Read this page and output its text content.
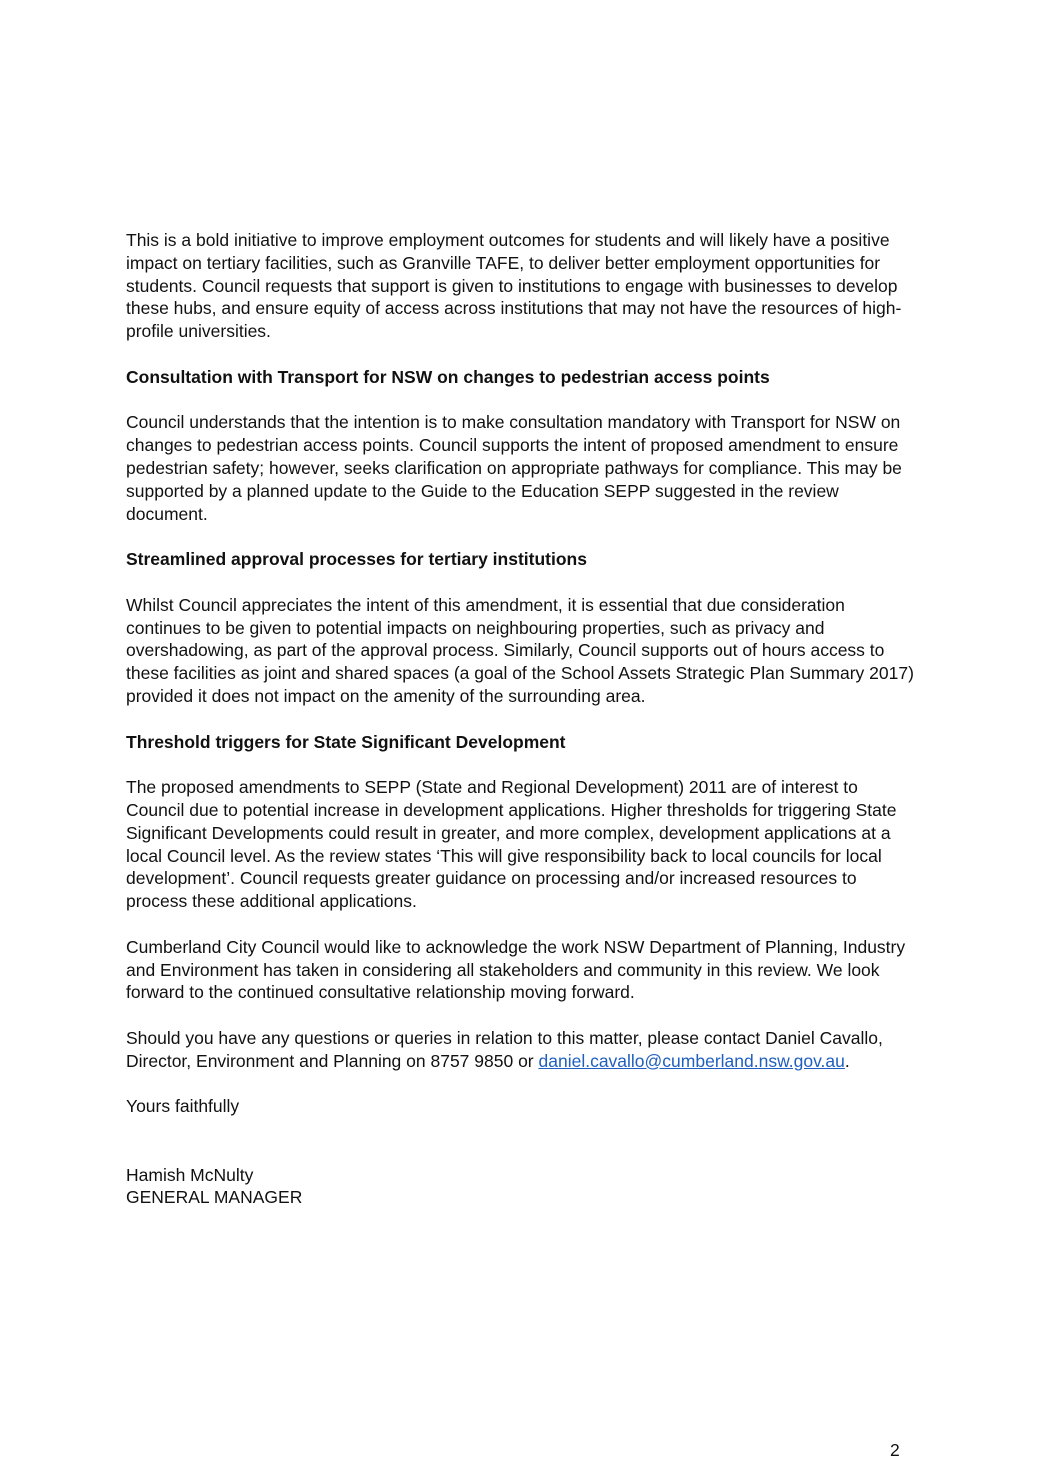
This is a bold initiative to improve employment outcomes for students and will likely have a positive impact on tertiary facilities, such as Granville TAFE, to deliver better employment opportunities for students. Council requests that support is given to institutions to engage with businesses to develop these hubs, and ensure equity of access across institutions that may not have the resources of high-profile universities.

Consultation with Transport for NSW on changes to pedestrian access points

Council understands that the intention is to make consultation mandatory with Transport for NSW on changes to pedestrian access points. Council supports the intent of proposed amendment to ensure pedestrian safety; however, seeks clarification on appropriate pathways for compliance. This may be supported by a planned update to the Guide to the Education SEPP suggested in the review document.

Streamlined approval processes for tertiary institutions

Whilst Council appreciates the intent of this amendment, it is essential that due consideration continues to be given to potential impacts on neighbouring properties, such as privacy and overshadowing, as part of the approval process. Similarly, Council supports out of hours access to these facilities as joint and shared spaces (a goal of the School Assets Strategic Plan Summary 2017) provided it does not impact on the amenity of the surrounding area.

Threshold triggers for State Significant Development

The proposed amendments to SEPP (State and Regional Development) 2011 are of interest to Council due to potential increase in development applications. Higher thresholds for triggering State Significant Developments could result in greater, and more complex, development applications at a local Council level. As the review states ‘This will give responsibility back to local councils for local development’. Council requests greater guidance on processing and/or increased resources to process these additional applications.

Cumberland City Council would like to acknowledge the work NSW Department of Planning, Industry and Environment has taken in considering all stakeholders and community in this review. We look forward to the continued consultative relationship moving forward.

Should you have any questions or queries in relation to this matter, please contact Daniel Cavallo, Director, Environment and Planning on 8757 9850 or daniel.cavallo@cumberland.nsw.gov.au.

Yours faithfully

Hamish McNulty

GENERAL MANAGER

2
